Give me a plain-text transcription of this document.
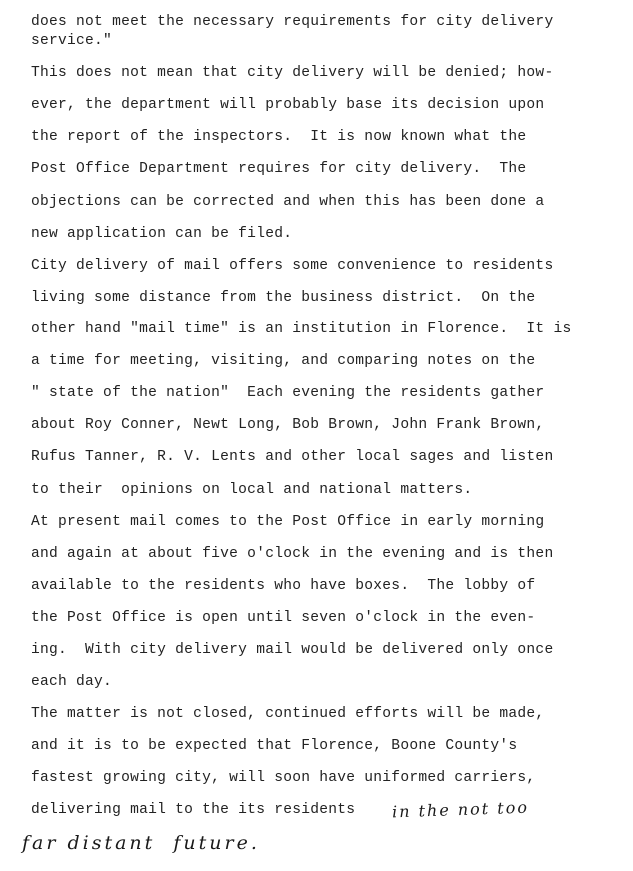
does not meet the necessary requirements for city delivery
service."
This does not mean that city delivery will be denied; how-
ever, the department will probably base its decision upon
the report of the inspectors.  It is now known what the
Post Office Department requires for city delivery.  The
objections can be corrected and when this has been done a
new application can be filed.
City delivery of mail offers some convenience to residents
living some distance from the business district.  On the
other hand "mail time" is an institution in Florence.  It is
a time for meeting, visiting, and comparing notes on the
" state of the nation"  Each evening the residents gather
about Roy Conner, Newt Long, Bob Brown, John Frank Brown,
Rufus Tanner, R. V. Lents and other local sages and listen
to their  opinions on local and national matters.
At present mail comes to the Post Office in early morning
and again at about five o'clock in the evening and is then
available to the residents who have boxes.  The lobby of
the Post Office is open until seven o'clock in the even-
ing.  With city delivery mail would be delivered only once
each day.
The matter is not closed, continued efforts will be made,
and it is to be expected that Florence, Boone County's
fastest growing city, will soon have uniformed carriers,
delivering mail to the its residents in the not too
far distant  future.
